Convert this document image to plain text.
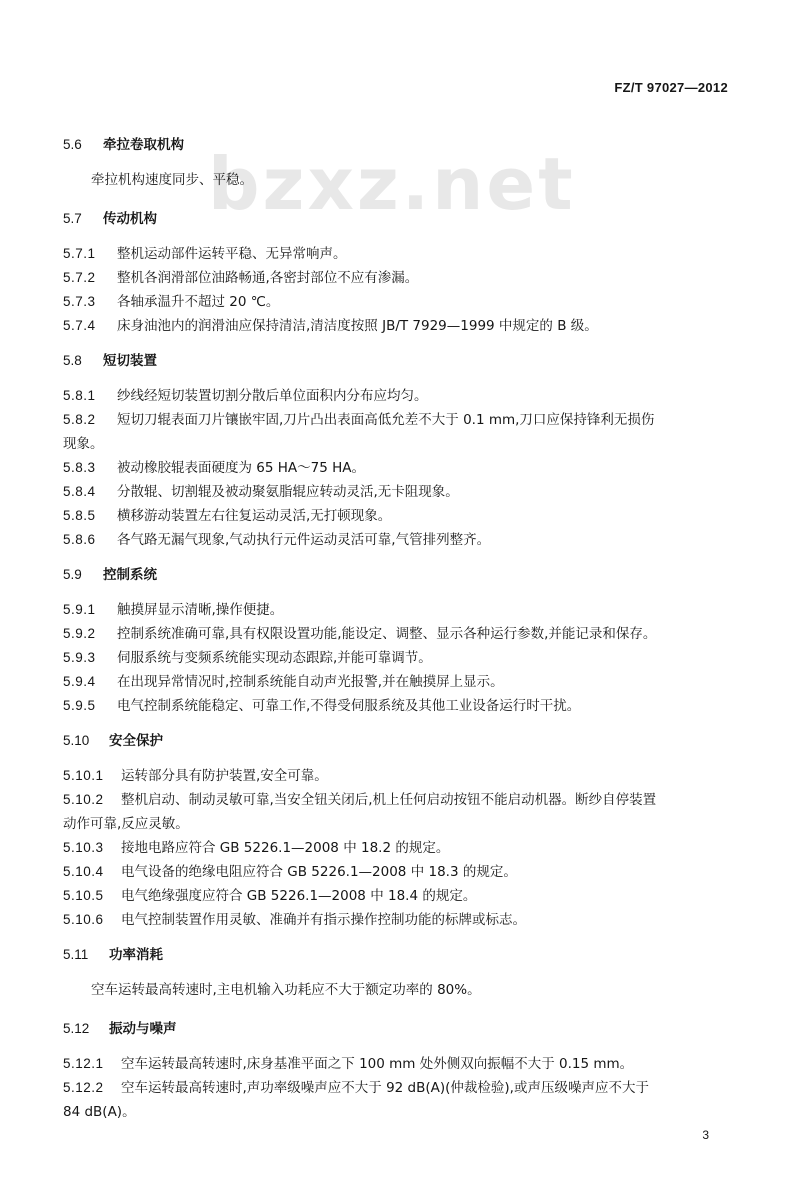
FZ/T 97027—2012
bzxz.net
5.6 牵拉卷取机构
牵拉机构速度同步、平稳。
5.7 传动机构
5.7.1	整机运动部件运转平稳、无异常响声。
5.7.2	整机各润滑部位油路畅通,各密封部位不应有渗漏。
5.7.3	各轴承温升不超过 20 ℃。
5.7.4	床身油池内的润滑油应保持清洁,清洁度按照 JB/T 7929—1999 中规定的 B 级。
5.8 短切装置
5.8.1	纱线经短切装置切割分散后单位面积内分布应均匀。
5.8.2	短切刀辊表面刀片镶嵌牢固,刀片凸出表面高低允差不大于 0.1 mm,刀口应保持锋利无损伤
现象。
5.8.3	被动橡胶辊表面硬度为 65 HA～75 HA。
5.8.4	分散辊、切割辊及被动聚氨脂辊应转动灵活,无卡阻现象。
5.8.5	横移游动装置左右往复运动灵活,无打顿现象。
5.8.6	各气路无漏气现象,气动执行元件运动灵活可靠,气管排列整齐。
5.9 控制系统
5.9.1	触摸屏显示清晰,操作便捷。
5.9.2	控制系统准确可靠,具有权限设置功能,能设定、调整、显示各种运行参数,并能记录和保存。
5.9.3	伺服系统与变频系统能实现动态跟踪,并能可靠调节。
5.9.4	在出现异常情况时,控制系统能自动声光报警,并在触摸屏上显示。
5.9.5	电气控制系统能稳定、可靠工作,不得受伺服系统及其他工业设备运行时干扰。
5.10 安全保护
5.10.1	运转部分具有防护装置,安全可靠。
5.10.2	整机启动、制动灵敏可靠,当安全钮关闭后,机上任何启动按钮不能启动机器。断纱自停装置
动作可靠,反应灵敏。
5.10.3	接地电路应符合 GB 5226.1—2008 中 18.2 的规定。
5.10.4	电气设备的绝缘电阻应符合 GB 5226.1—2008 中 18.3 的规定。
5.10.5	电气绝缘强度应符合 GB 5226.1—2008 中 18.4 的规定。
5.10.6	电气控制装置作用灵敏、准确并有指示操作控制功能的标牌或标志。
5.11 功率消耗
空车运转最高转速时,主电机输入功耗应不大于额定功率的 80%。
5.12 振动与噪声
5.12.1	空车运转最高转速时,床身基准平面之下 100 mm 处外侧双向振幅不大于 0.15 mm。
5.12.2	空车运转最高转速时,声功率级噪声应不大于 92 dB(A)(仲裁检验),或声压级噪声应不大于
84 dB(A)。
3
